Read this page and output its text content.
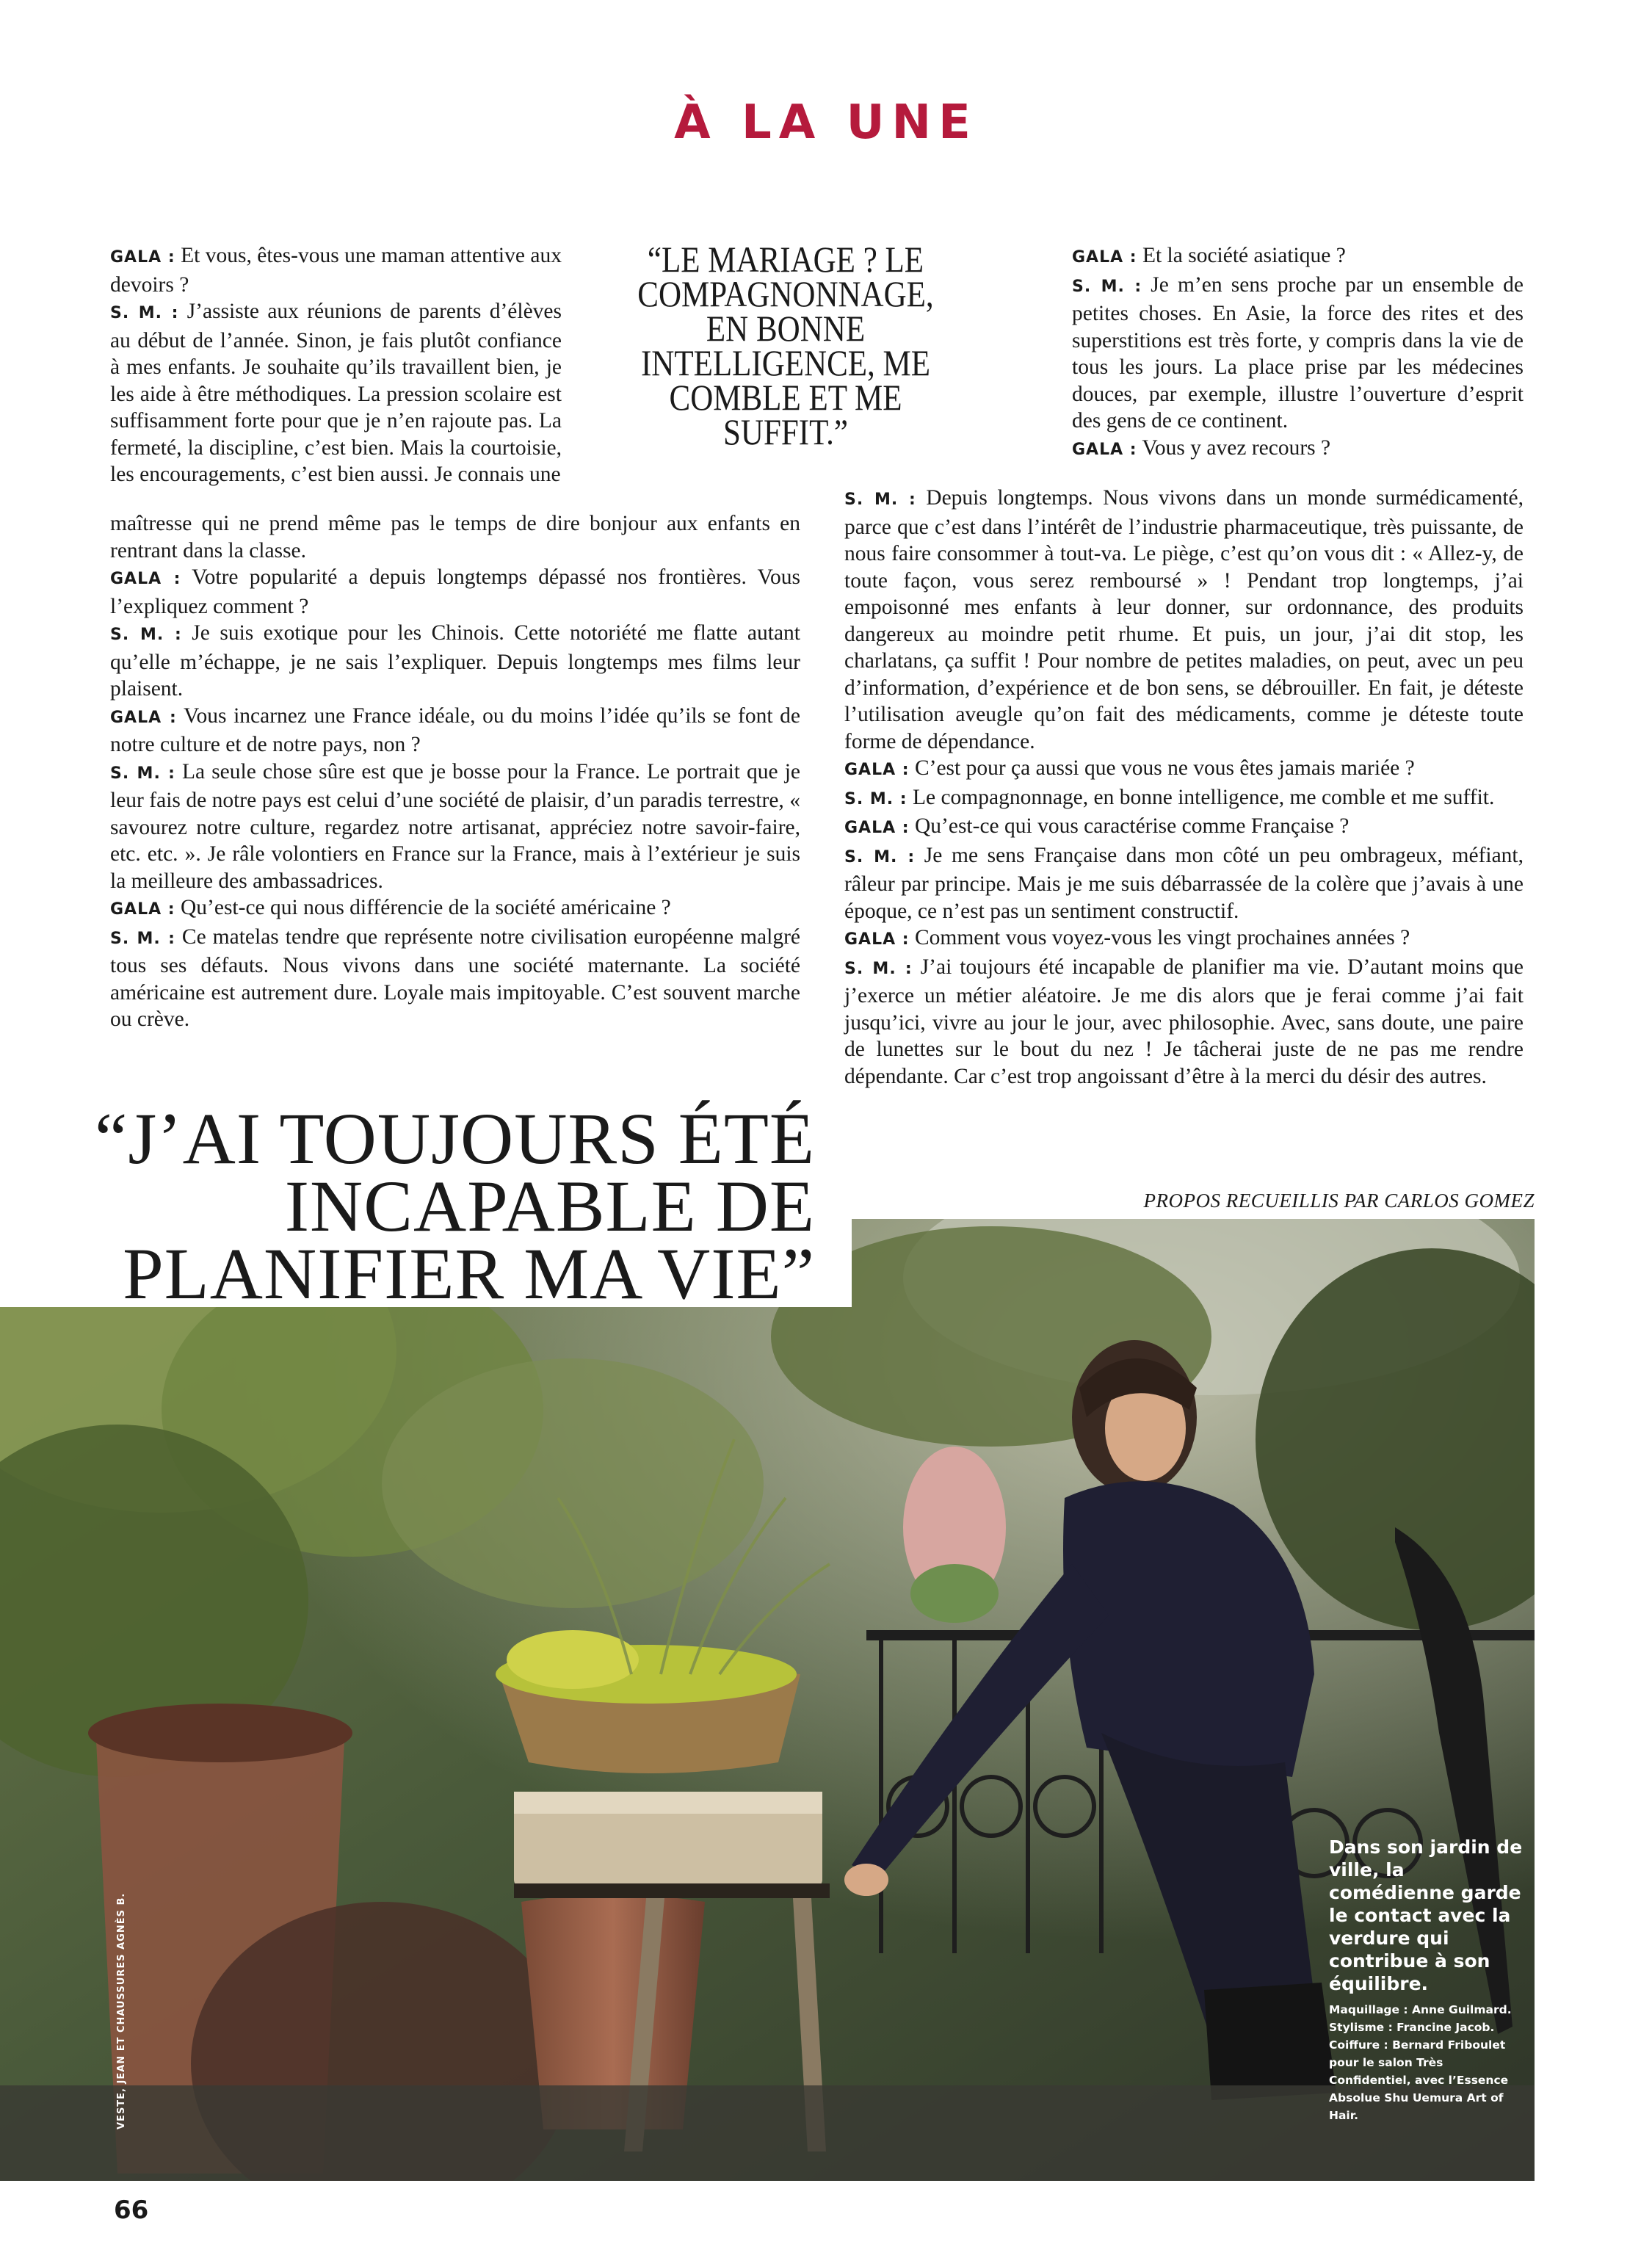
À LA UNE

GALA : Et vous, êtes-vous une maman attentive aux devoirs ?

S. M. : J’assiste aux réunions de parents d’élèves au début de l’année. Sinon, je fais plutôt confiance à mes enfants. Je souhaite qu’ils travaillent bien, je les aide à être méthodiques. La pression scolaire est suffisamment forte pour que je n’en rajoute pas. La fermeté, la discipline, c’est bien. Mais la courtoisie, les encouragements, c’est bien aussi. Je connais une

maîtresse qui ne prend même pas le temps de dire bonjour aux enfants en rentrant dans la classe.

GALA : Votre popularité a depuis longtemps dépassé nos frontières. Vous l’expliquez comment ?

S. M. : Je suis exotique pour les Chinois. Cette notoriété me flatte autant qu’elle m’échappe, je ne sais l’expliquer. Depuis longtemps mes films leur plaisent.

GALA : Vous incarnez une France idéale, ou du moins l’idée qu’ils se font de notre culture et de notre pays, non ?

S. M. : La seule chose sûre est que je bosse pour la France. Le portrait que je leur fais de notre pays est celui d’une société de plaisir, d’un paradis terrestre, « savourez notre culture, regardez notre artisanat, appréciez notre savoir-faire, etc. etc. ». Je râle volontiers en France sur la France, mais à l’extérieur je suis la meilleure des ambassadrices.

GALA : Qu’est-ce qui nous différencie de la société américaine ?

S. M. : Ce matelas tendre que représente notre civilisation européenne malgré tous ses défauts. Nous vivons dans une société maternante. La société américaine est autrement dure. Loyale mais impitoyable. C’est souvent marche ou crève.

“LE MARIAGE ? LE COMPAGNONNAGE, EN BONNE INTELLIGENCE, ME COMBLE ET ME SUFFIT.”

GALA : Et la société asiatique ?

S. M. : Je m’en sens proche par un ensemble de petites choses. En Asie, la force des rites et des superstitions est très forte, y compris dans la vie de tous les jours. La place prise par les médecines douces, par exemple, illustre l’ouverture d’esprit des gens de ce continent.

GALA : Vous y avez recours ?

S. M. : Depuis longtemps. Nous vivons dans un monde surmédicamenté, parce que c’est dans l’intérêt de l’industrie pharmaceutique, très puissante, de nous faire consommer à tout-va. Le piège, c’est qu’on vous dit : « Allez-y, de toute façon, vous serez remboursé » ! Pendant trop longtemps, j’ai empoisonné mes enfants à leur donner, sur ordonnance, des produits dangereux au moindre petit rhume. Et puis, un jour, j’ai dit stop, les charlatans, ça suffit ! Pour nombre de petites maladies, on peut, avec un peu d’information, d’expérience et de bon sens, se débrouiller. En fait, je déteste l’utilisation aveugle qu’on fait des médicaments, comme je déteste toute forme de dépendance.

GALA : C’est pour ça aussi que vous ne vous êtes jamais mariée ?

S. M. : Le compagnonnage, en bonne intelligence, me comble et me suffit.

GALA : Qu’est-ce qui vous caractérise comme Française ?

S. M. : Je me sens Française dans mon côté un peu ombrageux, méfiant, râleur par principe. Mais je me suis débarrassée de la colère que j’avais à une époque, ce n’est pas un sentiment constructif.

GALA : Comment vous voyez-vous les vingt prochaines années ?

S. M. : J’ai toujours été incapable de planifier ma vie. D’autant moins que j’exerce un métier aléatoire. Je me dis alors que je ferai comme j’ai fait jusqu’ici, vivre au jour le jour, avec philosophie. Avec, sans doute, une paire de lunettes sur le bout du nez ! Je tâcherai juste de ne pas me rendre dépendante. Car c’est trop angoissant d’être à la merci du désir des autres.

PROPOS RECUEILLIS PAR CARLOS GOMEZ
“J’AI TOUJOURS ÉTÉ INCAPABLE DE PLANIFIER MA VIE”
Dans son jardin de ville, la comédienne garde le contact avec la verdure qui contribue à son équilibre.
Maquillage : Anne Guilmard.
Stylisme : Francine Jacob.
Coiffure : Bernard Friboulet pour le salon Très Confidentiel, avec l’Essence Absolue Shu Uemura Art of Hair.
VESTE, JEAN ET CHAUSSURES AGNÈS B.
66
